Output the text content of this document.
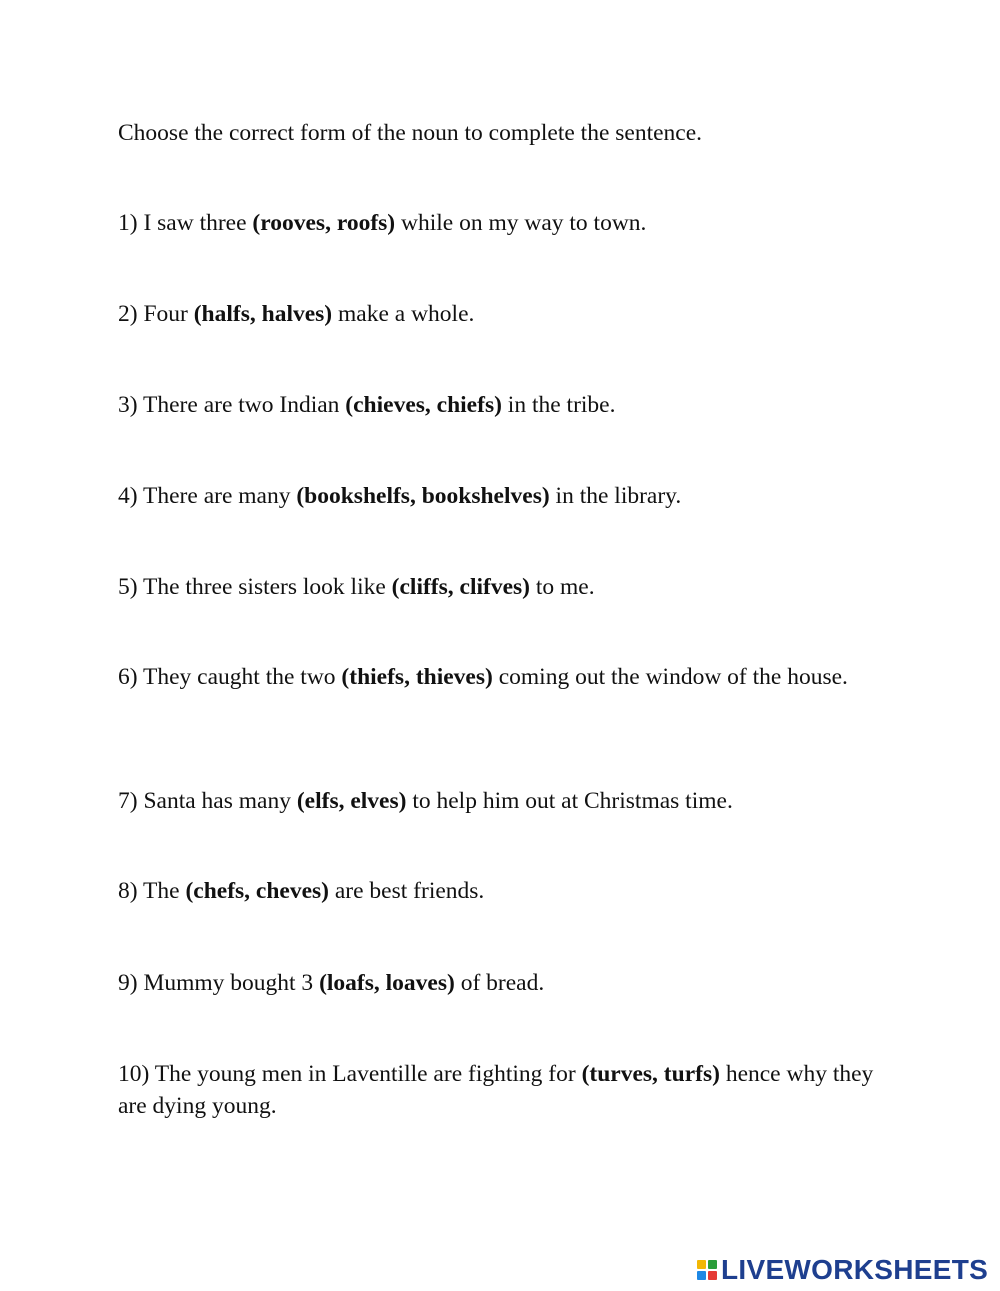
Choose the correct form of the noun to complete the sentence.
1) I saw three (rooves, roofs) while on my way to town.
2) Four (halfs, halves) make a whole.
3) There are two Indian (chieves, chiefs) in the tribe.
4) There are many (bookshelfs, bookshelves) in the library.
5) The three sisters look like (cliffs, clifves) to me.
6) They caught the two (thiefs, thieves) coming out the window of the house.
7) Santa has many (elfs, elves) to help him out at Christmas time.
8) The (chefs, cheves) are best friends.
9) Mummy bought 3 (loafs, loaves) of bread.
10) The young men in Laventille are fighting for (turves, turfs) hence why they are dying young.
LIVEWORKSHEETS
